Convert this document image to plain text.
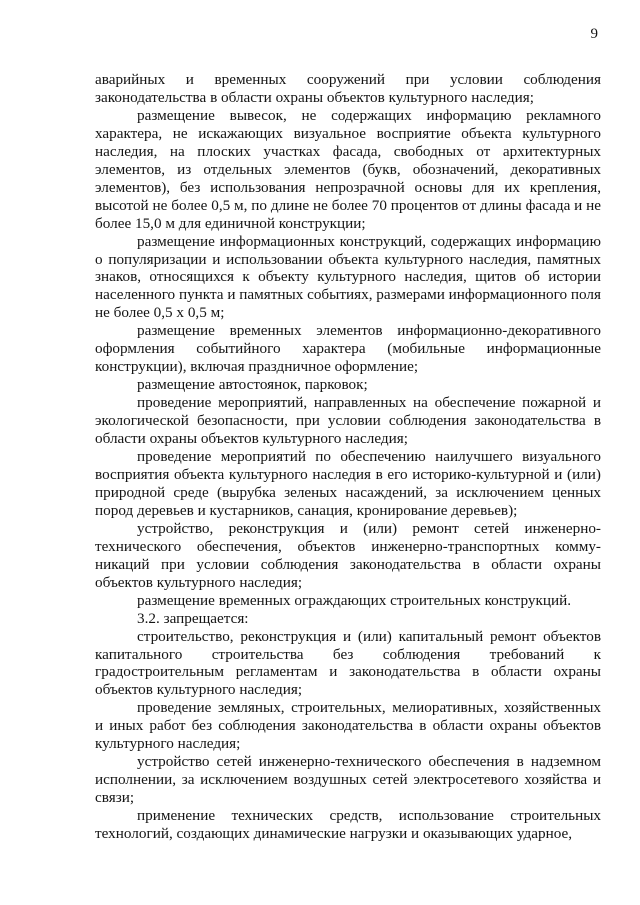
9

аварийных и временных сооружений при условии соблюдения законодательства в области охраны объектов культурного наследия;

размещение вывесок, не содержащих информацию рекламного характера, не искажающих визуальное восприятие объекта культурного наследия, на плоских участках фасада, свободных от архитектурных элементов, из отдельных элементов (букв, обозначений, декоративных элементов), без использования непрозрачной основы для их крепления, высотой не более 0,5 м, по длине не более 70 процентов от длины фасада и не более 15,0 м для единичной конструкции;

размещение информационных конструкций, содержащих информацию о популяризации и использовании объекта культурного наследия, памятных знаков, относящихся к объекту культурного наследия, щитов об истории населенного пункта и памятных событиях, размерами информационного поля не более 0,5 х 0,5 м;

размещение временных элементов информационно-декоративного оформления событийного характера (мобильные информационные конструкции), включая праздничное оформление;

размещение автостоянок, парковок;

проведение мероприятий, направленных на обеспечение пожарной и экологической безопасности, при условии соблюдения законодательства в области охраны объектов культурного наследия;

проведение мероприятий по обеспечению наилучшего визуального восприятия объекта культурного наследия в его историко-культурной и (или) природной среде (вырубка зеленых насаждений, за исключением ценных пород деревьев и кустарников, санация, кронирование деревьев);

устройство, реконструкция и (или) ремонт сетей инженерно-технического обеспечения, объектов инженерно-транспортных комму-никаций при условии соблюдения законодательства в области охраны объектов культурного наследия;

размещение временных ограждающих строительных конструкций.

3.2. запрещается:

строительство, реконструкция и (или) капитальный ремонт объектов капитального строительства без соблюдения требований к градостроительным регламентам и законодательства в области охраны объектов культурного наследия;

проведение земляных, строительных, мелиоративных, хозяйственных и иных работ без соблюдения законодательства в области охраны объектов культурного наследия;

устройство сетей инженерно-технического обеспечения в надземном исполнении, за исключением воздушных сетей электросетевого хозяйства и связи;

применение технических средств, использование строительных технологий, создающих динамические нагрузки и оказывающих ударное,
